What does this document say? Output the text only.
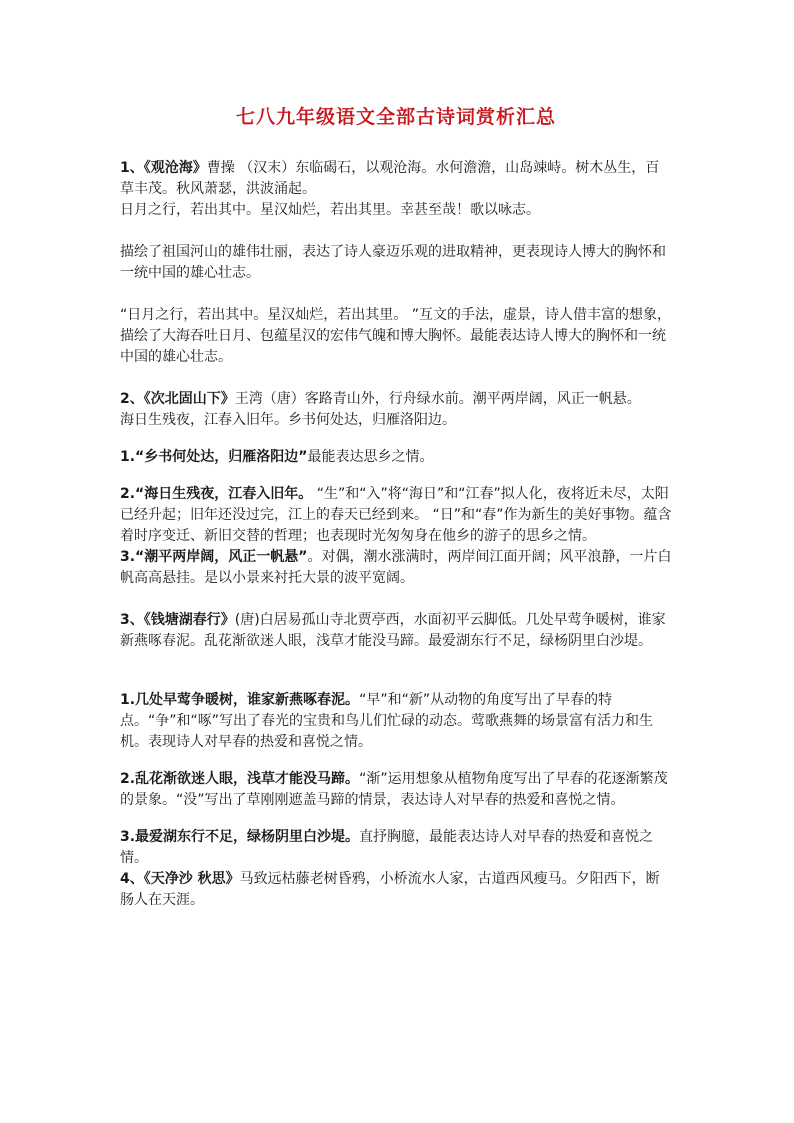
七八九年级语文全部古诗词赏析汇总

1、《观沧海》曹操 （汉末）东临碣石，以观沧海。水何澹澹，山岛竦峙。树木丛生，百草丰茂。秋风萧瑟，洪波涌起。

日月之行，若出其中。星汉灿烂，若出其里。幸甚至哉！歌以咏志。

描绘了祖国河山的雄伟壮丽，表达了诗人豪迈乐观的进取精神，更表现诗人博大的胸怀和一统中国的雄心壮志。

“日月之行，若出其中。星汉灿烂，若出其里。 ”互文的手法，虚景，诗人借丰富的想象，描绘了大海吞吐日月、包蕴星汉的宏伟气魄和博大胸怀。最能表达诗人博大的胸怀和一统中国的雄心壮志。

2、《次北固山下》王湾（唐）客路青山外，行舟绿水前。潮平两岸阔，风正一帆悬。

海日生残夜，江春入旧年。乡书何处达，归雁洛阳边。

1.“乡书何处达，归雁洛阳边”最能表达思乡之情。

2.“海日生残夜，江春入旧年。 “生”和“入”将“海日”和“江春”拟人化，夜将近未尽，太阳已经升起；旧年还没过完，江上的春天已经到来。 “日”和“春”作为新生的美好事物。蕴含着时序变迁、新旧交替的哲理；也表现时光匆匆身在他乡的游子的思乡之情。

3.“潮平两岸阔，风正一帆悬”。对偶，潮水涨满时，两岸间江面开阔；风平浪静，一片白帆高高悬挂。是以小景来衬托大景的波平宽阔。

3、《钱塘湖春行》(唐)白居易孤山寺北贾亭西，水面初平云脚低。几处早莺争暖树，谁家新燕啄春泥。乱花渐欲迷人眼，浅草才能没马蹄。最爱湖东行不足，绿杨阴里白沙堤。

1.几处早莺争暖树，谁家新燕啄春泥。“早”和“新”从动物的角度写出了早春的特点。“争”和“啄”写出了春光的宝贵和鸟儿们忙碌的动态。莺歌燕舞的场景富有活力和生机。表现诗人对早春的热爱和喜悦之情。

2.乱花渐欲迷人眼，浅草才能没马蹄。“渐”运用想象从植物角度写出了早春的花逐渐繁茂的景象。“没”写出了草刚刚遮盖马蹄的情景，表达诗人对早春的热爱和喜悦之情。

3.最爱湖东行不足，绿杨阴里白沙堤。直抒胸臆，最能表达诗人对早春的热爱和喜悦之情。

4、《天净沙 秋思》马致远枯藤老树昏鸦，小桥流水人家，古道西风瘦马。夕阳西下，断肠人在天涯。
